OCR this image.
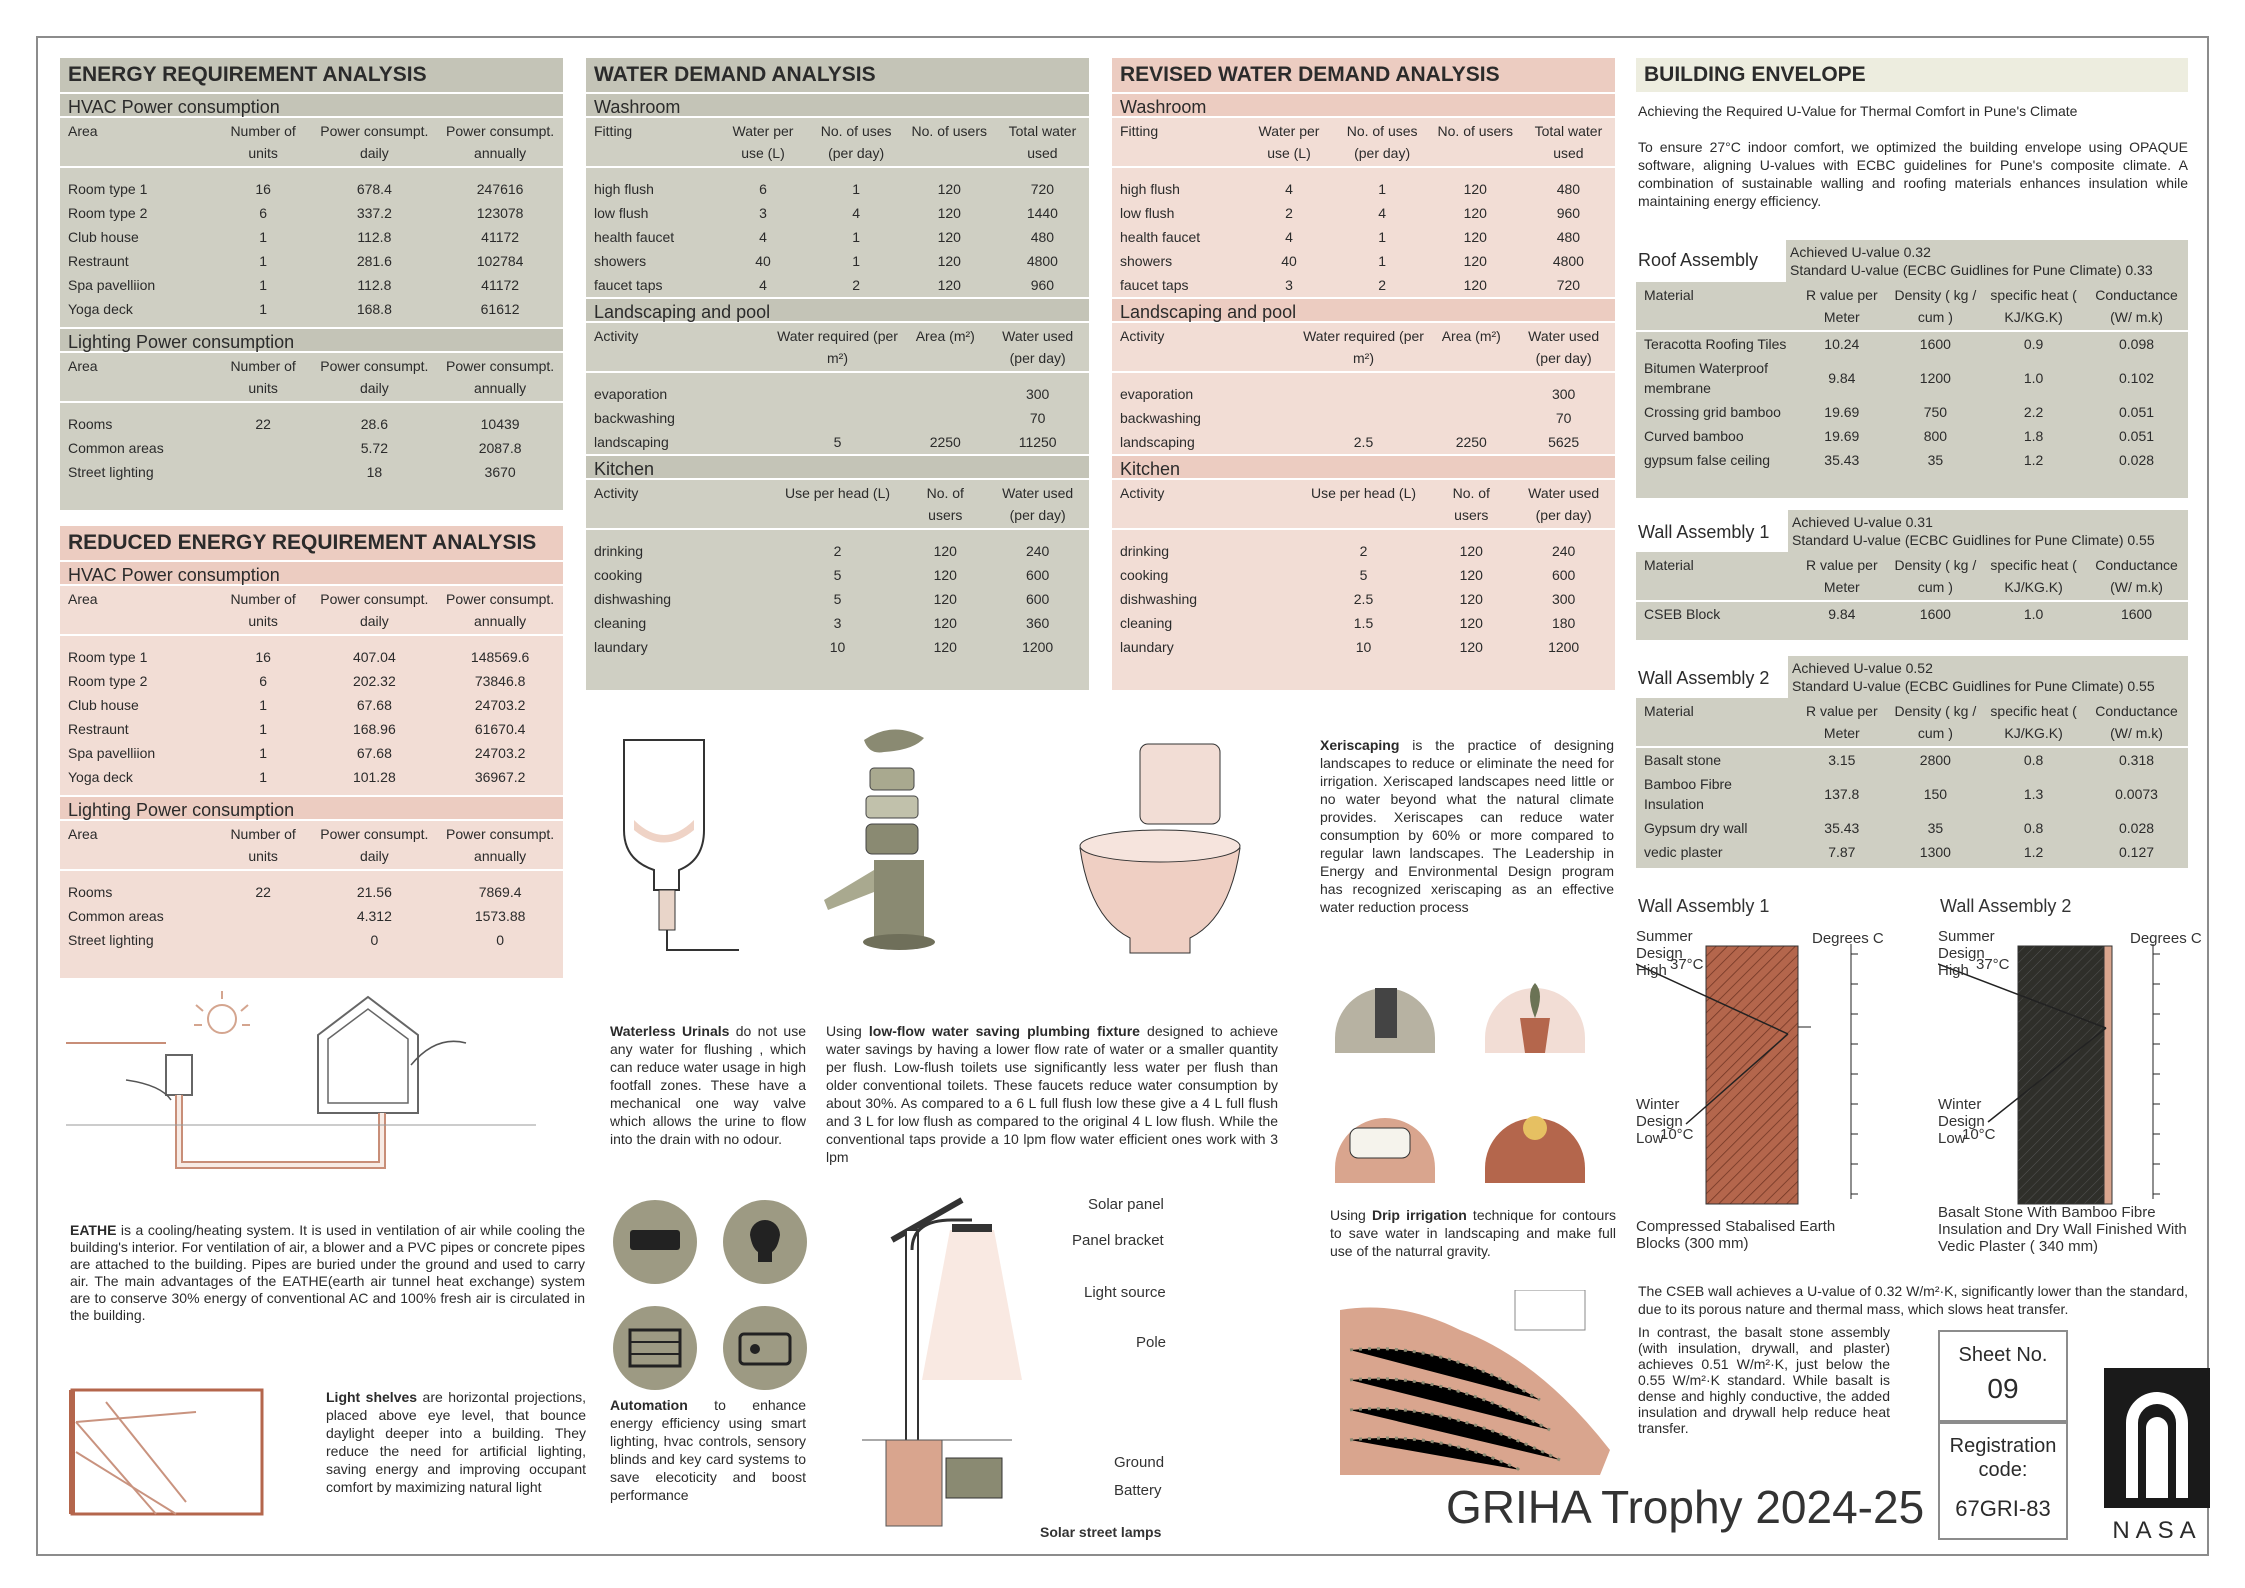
ENERGY REQUIREMENT ANALYSIS
HVAC Power consumption
Area	Number of units	Power consumpt. daily	Power consumpt. annually

Room type 1	16	678.4	247616
Room type 2	6	337.2	123078
Club house	1	112.8	41172
Restraunt	1	281.6	102784
Spa pavelliion	1	112.8	41172
Yoga deck	1	168.8	61612
Lighting Power consumption
Area	Number of units	Power consumpt. daily	Power consumpt. annually

Rooms	22	28.6	10439
Common areas		5.72	2087.8
Street lighting		18	3670
REDUCED ENERGY REQUIREMENT ANALYSIS
HVAC Power consumption
Area	Number of units	Power consumpt. daily	Power consumpt. annually

Room type 1	16	407.04	148569.6
Room type 2	6	202.32	73846.8
Club house	1	67.68	24703.2
Restraunt	1	168.96	61670.4
Spa pavelliion	1	67.68	24703.2
Yoga deck	1	101.28	36967.2
Lighting Power consumption
Area	Number of units	Power consumpt. daily	Power consumpt. annually

Rooms	22	21.56	7869.4
Common areas		4.312	1573.88
Street lighting		0	0
WATER DEMAND ANALYSIS
Washroom
Fitting	Water per use (L)	No. of uses (per day)	No. of users	Total water used

high flush	6	1	120	720
low flush	3	4	120	1440
health faucet	4	1	120	480
showers	40	1	120	4800
faucet taps	4	2	120	960
Landscaping and pool
Activity	Water required (per m²)	Area (m²)	Water used (per day)

evaporation			300
backwashing			70
landscaping	5	2250	11250
Kitchen
Activity	Use per head (L)	No. of users	Water used (per day)

drinking	2	120	240
cooking	5	120	600
dishwashing	5	120	600
cleaning	3	120	360
laundary	10	120	1200
REVISED WATER DEMAND ANALYSIS
Washroom
Fitting	Water per use (L)	No. of uses (per day)	No. of users	Total water used

high flush	4	1	120	480
low flush	2	4	120	960
health faucet	4	1	120	480
showers	40	1	120	4800
faucet taps	3	2	120	720
Landscaping and pool
Activity	Water required (per m²)	Area (m²)	Water used (per day)

evaporation			300
backwashing			70
landscaping	2.5	2250	5625
Kitchen
Activity	Use per head (L)	No. of users	Water used (per day)

drinking	2	120	240
cooking	5	120	600
dishwashing	2.5	120	300
cleaning	1.5	120	180
laundary	10	120	1200
BUILDING ENVELOPE
Achieving the Required U-Value for Thermal Comfort in Pune's Climate
To ensure 27°C indoor comfort, we optimized the building envelope using OPAQUE software, aligning U-values with ECBC guidelines for Pune's composite climate. A combination of sustainable walling and roofing materials enhances insulation while maintaining energy efficiency.
Roof Assembly	Achieved U-value 0.32
Standard U-value (ECBC Guidlines for Pune Climate) 0.33
Material	R value per Meter	Density ( kg / cum )	specific heat ( KJ/KG.K)	Conductance (W/ m.k)
Teracotta Roofing Tiles	10.24	1600	0.9	0.098
Bitumen Waterproof membrane	9.84	1200	1.0	0.102
Crossing grid bamboo	19.69	750	2.2	0.051
Curved bamboo	19.69	800	1.8	0.051
gypsum false ceiling	35.43	35	1.2	0.028
Wall Assembly 1	Achieved U-value 0.31
Standard U-value (ECBC Guidlines for Pune Climate) 0.55
Material	R value per Meter	Density ( kg / cum )	specific heat ( KJ/KG.K)	Conductance (W/ m.k)
CSEB Block	9.84	1600	1.0	1600
Wall Assembly 2	Achieved U-value 0.52
Standard U-value (ECBC Guidlines for Pune Climate) 0.55
Material	R value per Meter	Density ( kg / cum )	specific heat ( KJ/KG.K)	Conductance (W/ m.k)
Basalt stone	3.15	2800	0.8	0.318
Bamboo Fibre Insulation	137.8	150	1.3	0.0073
Gypsum dry wall	35.43	35	0.8	0.028
vedic plaster	7.87	1300	1.2	0.127
Wall Assembly 1
Summer Design High 37°C
Winter Design Low
10°C
Degrees C
Compressed Stabalised Earth Blocks (300 mm)
Wall Assembly 2
Summer Design High 37°C
Winter Design Low
10°C
Degrees C
Basalt Stone With Bamboo Fibre Insulation and Dry Wall Finished With Vedic Plaster ( 340 mm)
The CSEB wall achieves a U-value of 0.32 W/m²·K, significantly lower than the standard, due to its porous nature and thermal mass, which slows heat transfer.
In contrast, the basalt stone assembly (with insulation, drywall, and plaster) achieves 0.51 W/m²·K, just below the 0.55 W/m²·K standard. While basalt is dense and highly conductive, the added insulation and drywall help reduce heat transfer.
Sheet No.
09
Registration code:
67GRI-83
GRIHA Trophy 2024-25	NASA
EATHE is a cooling/heating system. It is used in ventilation of air while cooling the building's interior. For ventilation of air, a blower and a PVC pipes or concrete pipes are attached to the building. Pipes are buried under the ground and used to carry air. The main advantages of the EATHE(earth air tunnel heat exchange) system are to conserve 30% energy of conventional AC and 100% fresh air is circulated in the building.
Light shelves are horizontal projections, placed above eye level, that bounce daylight deeper into a building. They reduce the need for artificial lighting, saving energy and improving occupant comfort by maximizing natural light
Waterless Urinals do not use any water for flushing , which can reduce water usage in high footfall zones. These have a mechanical one way valve which allows the urine to flow into the drain with no odour.
Using low-flow water saving plumbing fixture designed to achieve water savings by having a lower flow rate of water or a smaller quantity per flush. Low-flush toilets use significantly less water per flush than older conventional toilets. These faucets reduce water consumption by about 30%. As compared to a 6 L full flush low these give a 4 L full flush and 3 L for low flush as compared to the original 4 L low flush. While the conventional taps provide a 10 lpm flow water efficient ones work with 3 lpm
Automation to enhance energy efficiency using smart lighting, hvac controls, sensory blinds and key card systems to save elecoticity and boost performance
Solar panel
Panel bracket
Light source
Pole
Ground
Battery
Solar street lamps
Xeriscaping is the practice of designing landscapes to reduce or eliminate the need for irrigation. Xeriscaped landscapes need little or no water beyond what the natural climate provides. Xeriscapes can reduce water consumption by 60% or more compared to regular lawn landscapes. The Leadership in Energy and Environmental Design program has recognized xeriscaping as an effective water reduction process
Using Drip irrigation technique for contours to save water in landscaping and make full use of the naturral gravity.
